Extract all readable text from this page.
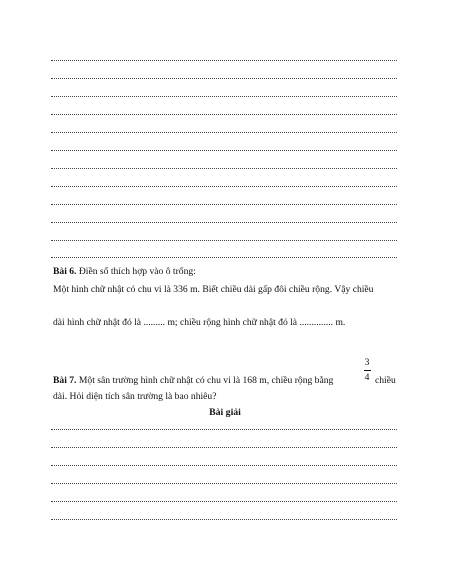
Bài 6. Điền số thích hợp vào ô trống:
Một hình chữ nhật có chu vi là 336 m. Biết chiều dài gấp đôi chiều rộng. Vậy chiều
dài hình chữ nhật đó là ......... m; chiều rộng hình chữ nhật đó là .............. m.
Bài 7. Một sân trường hình chữ nhật có chu vi là 168 m, chiều rộng bằng
3
4 chiều
dài. Hỏi diện tích sân trường là bao nhiêu?
Bài giải
